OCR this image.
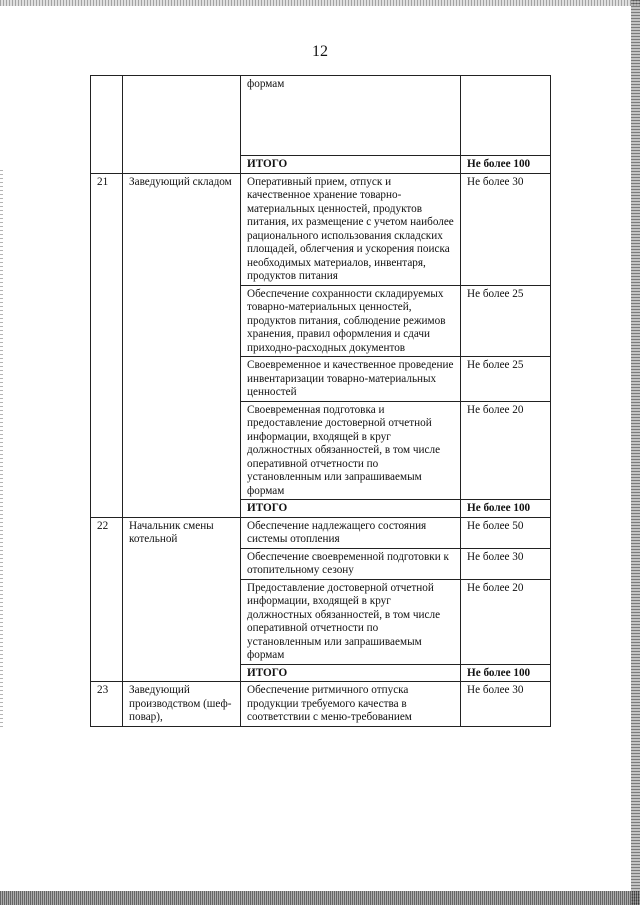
12
		формам	
		ИТОГО	Не более 100
21	Заведующий складом	Оперативный прием, отпуск и качественное хранение товарно-материальных ценностей, продуктов питания, их размещение с учетом наиболее рационального использования складских площадей, облегчения и ускорения поиска необходимых материалов, инвентаря, продуктов питания	Не более 30
		Обеспечение сохранности складируемых товарно-материальных ценностей, продуктов питания, соблюдение режимов хранения, правил оформления и сдачи приходно-расходных документов	Не более 25
		Своевременное и качественное проведение инвентаризации товарно-материальных ценностей	Не более 25
		Своевременная подготовка и предоставление достоверной отчетной информации, входящей в круг должностных обязанностей, в том числе оперативной отчетности по установленным или запрашиваемым формам	Не более 20
		ИТОГО	Не более 100
22	Начальник смены котельной	Обеспечение надлежащего состояния системы отопления	Не более 50
		Обеспечение своевременной подготовки к отопительному сезону	Не более 30
		Предоставление достоверной отчетной информации, входящей в круг должностных обязанностей, в том числе оперативной отчетности по установленным или запрашиваемым формам	Не более 20
		ИТОГО	Не более 100
23	Заведующий производством (шеф-повар),	Обеспечение ритмичного отпуска продукции требуемого качества в соответствии с меню-требованием	Не более 30
